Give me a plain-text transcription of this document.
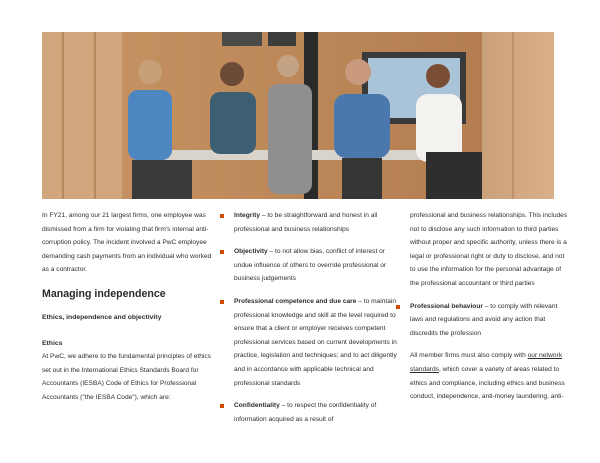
In FY21, among our 21 largest firms, one employee was dismissed from a firm for violating that firm's internal anti-corruption policy. The incident involved a PwC employee demanding cash payments from an individual who worked as a contractor.

Managing independence
Ethics, independence and objectivity
Ethics

At PwC, we adhere to the fundamental principles of ethics set out in the International Ethics Standards Board for Accountants (IESBA) Code of Ethics for Professional Accountants ("the IESBA Code"), which are:

Integrity – to be straightforward and honest in all professional and business relationships
Objectivity – to not allow bias, conflict of interest or undue influence of others to override professional or business judgements
Professional competence and due care – to maintain professional knowledge and skill at the level required to ensure that a client or employer receives competent professional services based on current developments in practice, legislation and techniques; and to act diligently and in accordance with applicable technical and professional standards
Confidentiality – to respect the confidentiality of information acquired as a result of

professional and business relationships. This includes not to disclose any such information to third parties without proper and specific authority, unless there is a legal or professional right or duty to disclose, and not to use the information for the personal advantage of the professional accountant or third parties

Professional behaviour – to comply with relevant laws and regulations and avoid any action that discredits the profession

All member firms must also comply with our network standards, which cover a variety of areas related to ethics and compliance, including ethics and business conduct, independence, anti-money laundering, anti-
